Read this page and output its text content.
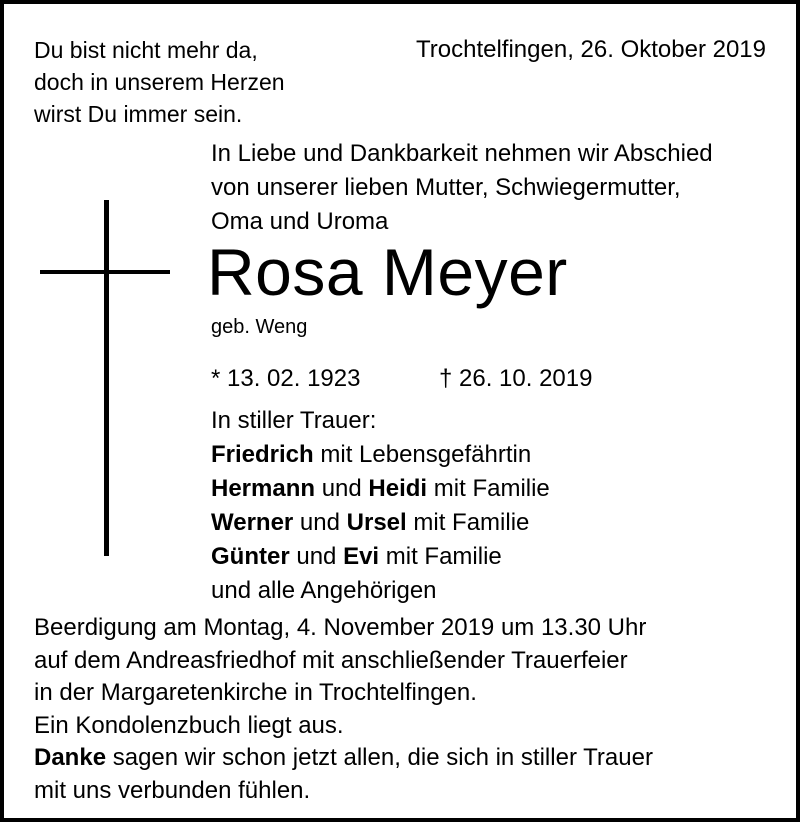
Du bist nicht mehr da,
doch in unserem Herzen
wirst Du immer sein.
Trochtelfingen, 26. Oktober 2019
In Liebe und Dankbarkeit nehmen wir Abschied
von unserer lieben Mutter, Schwiegermutter,
Oma und Uroma
Rosa Meyer
geb. Weng
* 13. 02. 1923	† 26. 10. 2019
In stiller Trauer:
Friedrich mit Lebensgefährtin
Hermann und Heidi mit Familie
Werner und Ursel mit Familie
Günter und Evi mit Familie
und alle Angehörigen
Beerdigung am Montag, 4. November 2019 um 13.30 Uhr
auf dem Andreasfriedhof mit anschließender Trauerfeier
in der Margaretenkirche in Trochtelfingen.
Ein Kondolenzbuch liegt aus.
Danke sagen wir schon jetzt allen, die sich in stiller Trauer
mit uns verbunden fühlen.
